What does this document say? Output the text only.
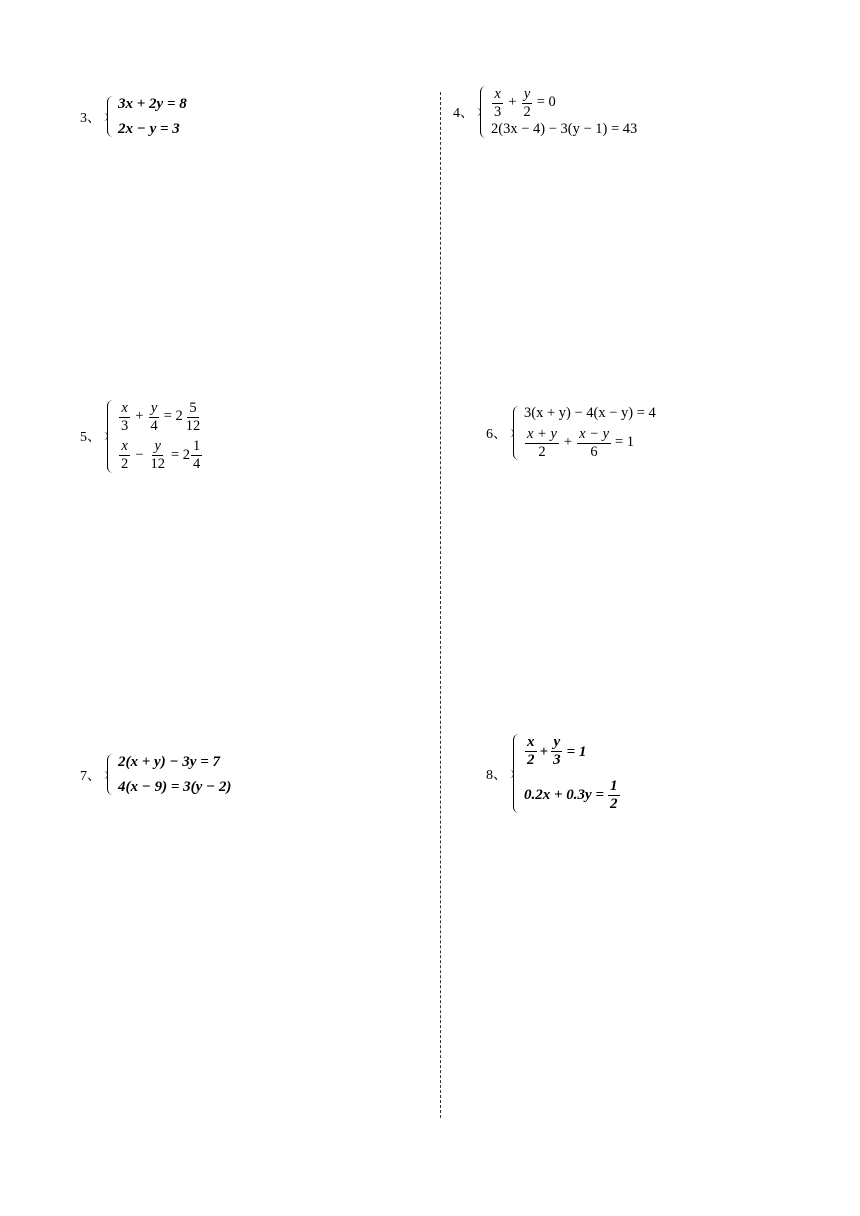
3、
3x + 2y = 8
2x − y = 3
4、 $\frac{x}{3} + \frac{y}{2} = 0$
2(3x − 4) − 3(y − 1) = 43
5、
$\frac{x}{3} + \frac{y}{4} = 2 \frac{5}{12}$
$\frac{x}{2} - \frac{y}{12} = 2 \frac{1}{4}$
6、
3(x + y) − 4(x − y) = 4
$\frac{x + y}{2} + \frac{x - y}{6} = 1$
7、
2(x + y) − 3y = 7
4(x − 9) = 3(y − 2)
8、
$\frac{x}{2} + \frac{y}{3} = 1$
$0.2x + 0.3y = \frac{1}{2}$
